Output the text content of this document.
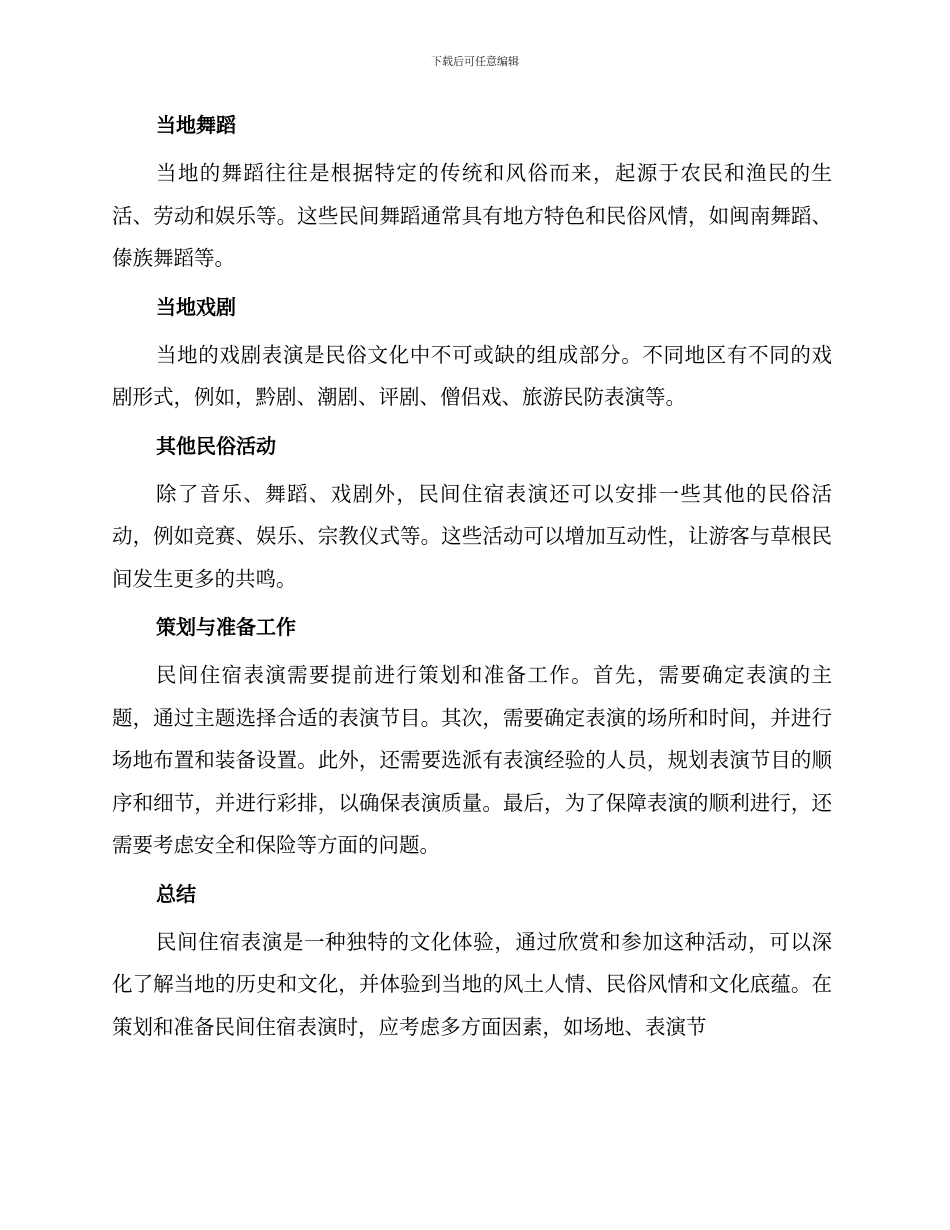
下载后可任意编辑
当地舞蹈

当地的舞蹈往往是根据特定的传统和风俗而来，起源于农民和渔民的生活、劳动和娱乐等。这些民间舞蹈通常具有地方特色和民俗风情，如闽南舞蹈、傣族舞蹈等。

当地戏剧

当地的戏剧表演是民俗文化中不可或缺的组成部分。不同地区有不同的戏剧形式，例如，黔剧、潮剧、评剧、僧侣戏、旅游民防表演等。

其他民俗活动

除了音乐、舞蹈、戏剧外，民间住宿表演还可以安排一些其他的民俗活动，例如竞赛、娱乐、宗教仪式等。这些活动可以增加互动性，让游客与草根民间发生更多的共鸣。

策划与准备工作

民间住宿表演需要提前进行策划和准备工作。首先，需要确定表演的主题，通过主题选择合适的表演节目。其次，需要确定表演的场所和时间，并进行场地布置和装备设置。此外，还需要选派有表演经验的人员，规划表演节目的顺序和细节，并进行彩排，以确保表演质量。最后，为了保障表演的顺利进行，还需要考虑安全和保险等方面的问题。

总结

民间住宿表演是一种独特的文化体验，通过欣赏和参加这种活动，可以深化了解当地的历史和文化，并体验到当地的风土人情、民俗风情和文化底蕴。在策划和准备民间住宿表演时，应考虑多方面因素，如场地、表演节
